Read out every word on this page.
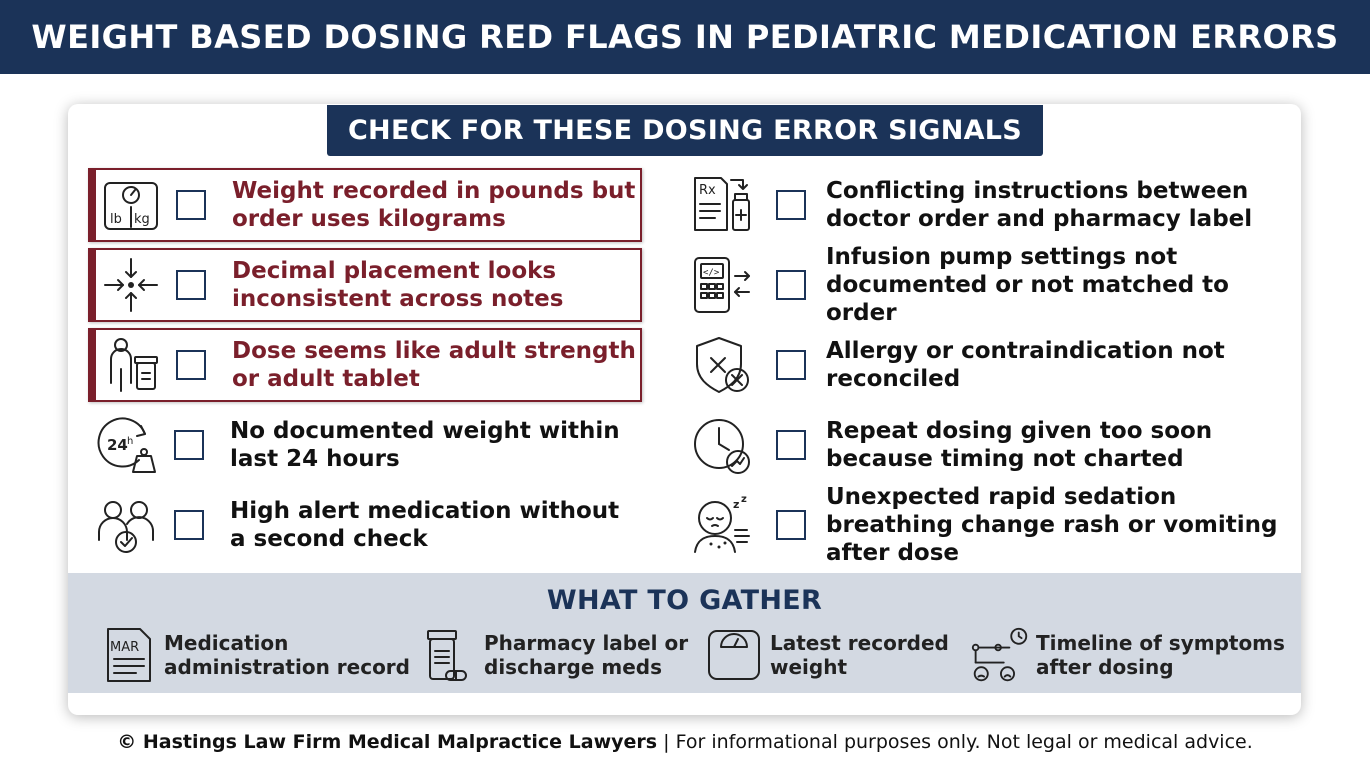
WEIGHT BASED DOSING RED FLAGS IN PEDIATRIC MEDICATION ERRORS
CHECK FOR THESE DOSING ERROR SIGNALS
lb kg
Weight recorded in pounds but order uses kilograms
Decimal placement looks inconsistent across notes
Dose seems like adult strength or adult tablet
24 h	No documented weight within last 24 hours
High alert medication without a second check
Rx	Conflicting instructions between doctor order and pharmacy label
</>
Infusion pump settings not documented or not matched to order
Allergy or contraindication not reconciled
Repeat dosing given too soon because timing not charted
z z	Unexpected rapid sedation breathing change rash or vomiting after dose
WHAT TO GATHER
MAR Medication
administration record
Pharmacy label or
discharge meds
Latest recorded
weight
Timeline of symptoms
after dosing
© Hastings Law Firm Medical Malpractice Lawyers | For informational purposes only. Not legal or medical advice.
